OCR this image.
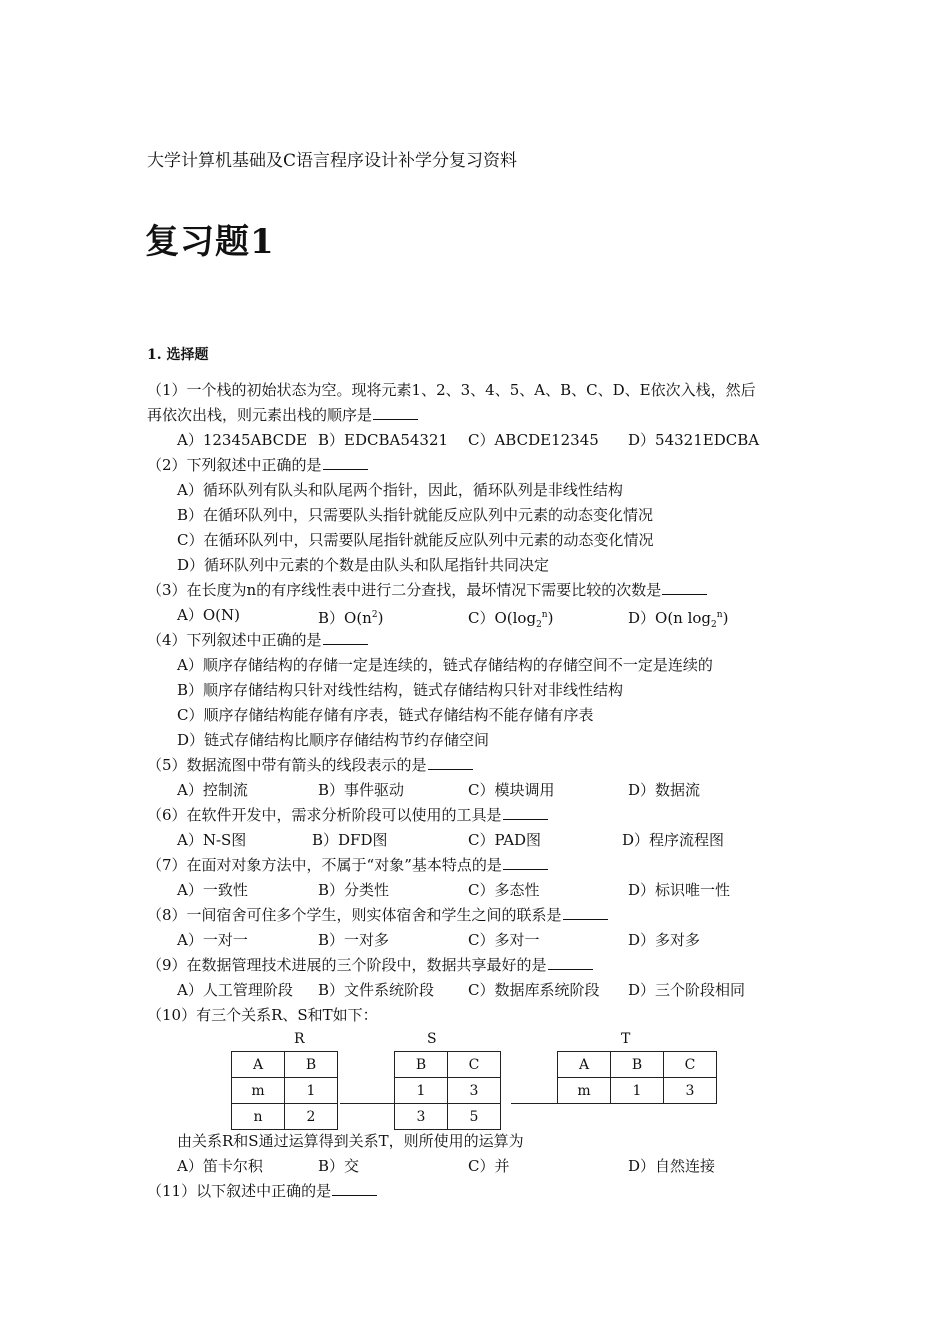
大学计算机基础及C语言程序设计补学分复习资料
复习题1
1. 选择题
（1）一个栈的初始状态为空。现将元素1、2、3、4、5、A、B、C、D、E依次入栈，然后
再依次出栈，则元素出栈的顺序是
A）12345ABCDE B）EDCBA54321 C）ABCDE12345 D）54321EDCBA
（2）下列叙述中正确的是
A）循环队列有队头和队尾两个指针，因此，循环队列是非线性结构
B）在循环队列中，只需要队头指针就能反应队列中元素的动态变化情况
C）在循环队列中，只需要队尾指针就能反应队列中元素的动态变化情况
D）循环队列中元素的个数是由队头和队尾指针共同决定
（3）在长度为n的有序线性表中进行二分查找，最坏情况下需要比较的次数是
A）O(N)	$B)O(n^2)$	$C)O(\log_2^n)$	D）O(n $\log_2^n$)
（4）下列叙述中正确的是
A）顺序存储结构的存储一定是连续的，链式存储结构的存储空间不一定是连续的
B）顺序存储结构只针对线性结构，链式存储结构只针对非线性结构
C）顺序存储结构能存储有序表，链式存储结构不能存储有序表
D）链式存储结构比顺序存储结构节约存储空间
（5）数据流图中带有箭头的线段表示的是
A）控制流	B）事件驱动	C）模块调用	D）数据流
（6）在软件开发中，需求分析阶段可以使用的工具是
A）N-S图	B）DFD图	C）PAD图	D）程序流程图
（7）在面对对象方法中，不属于“对象”基本特点的是
A）一致性	B）分类性	C）多态性	D）标识唯一性
（8）一间宿舍可住多个学生，则实体宿舍和学生之间的联系是
A）一对一	B）一对多	C）多对一	D）多对多
（9）在数据管理技术进展的三个阶段中，数据共享最好的是
A）人工管理阶段 B）文件系统阶段 C）数据库系统阶段 D）三个阶段相同
（10）有三个关系R、S和T如下：
R	S	T
A	B
m	1
n	2
B	C
1	3
3	5
A	B	C
m	1	3
由关系R和S通过运算得到关系T，则所使用的运算为
A）笛卡尔积	B）交	C）并	D）自然连接
（11）以下叙述中正确的是
